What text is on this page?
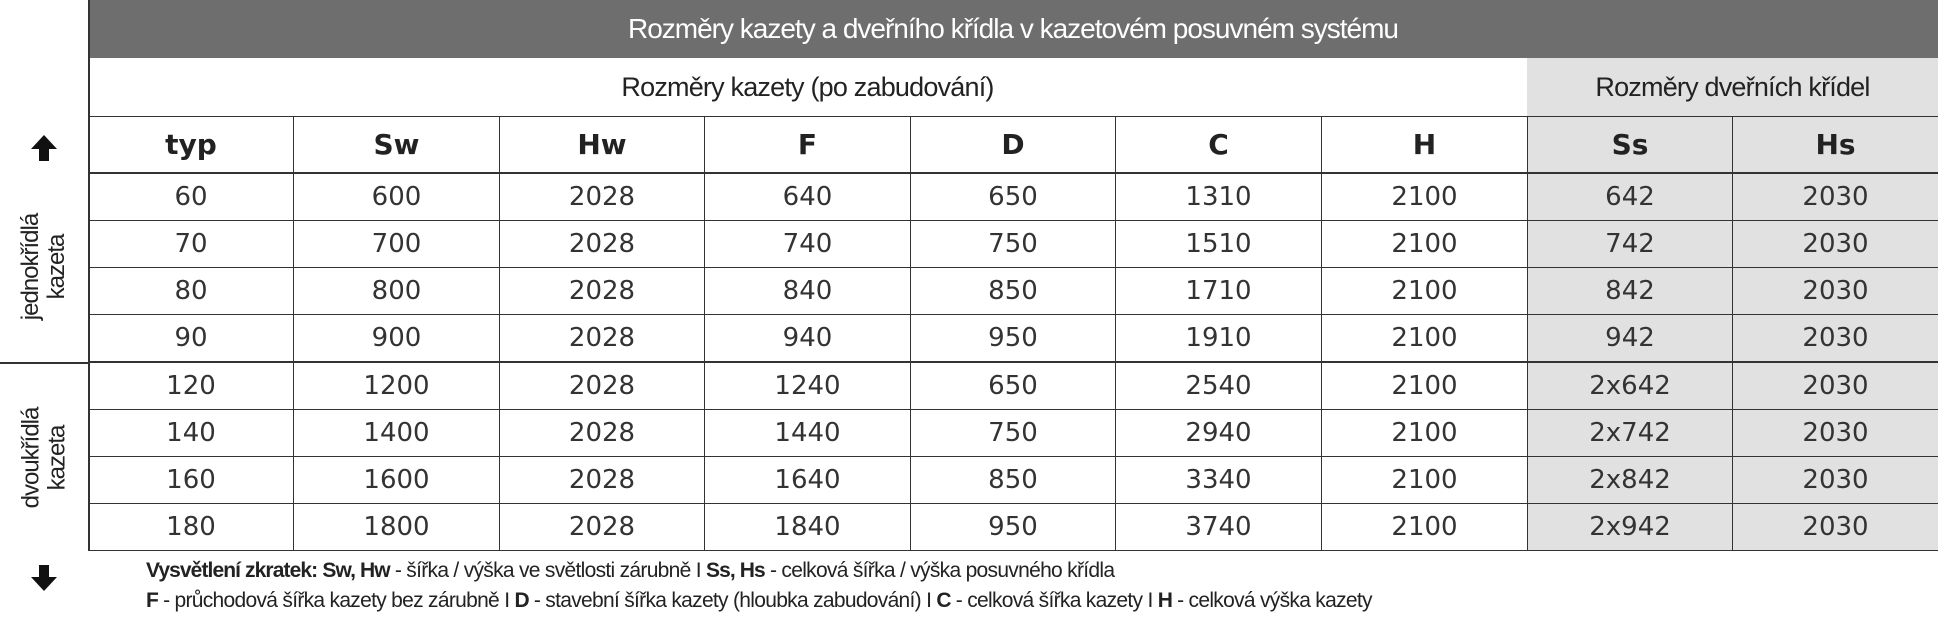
Rozměry kazety a dveřního křídla v kazetovém posuvném systému
Rozměry kazety (po zabudování)	Rozměry dveřních křídel
jednokřídlá kazeta
dvoukřídlá kazeta
typ	Sw	Hw	F	D	C	H	Ss	Hs
60	600	2028	640	650	1310	2100	642	2030
70	700	2028	740	750	1510	2100	742	2030
80	800	2028	840	850	1710	2100	842	2030
90	900	2028	940	950	1910	2100	942	2030
120	1200	2028	1240	650	2540	2100	2x642	2030
140	1400	2028	1440	750	2940	2100	2x742	2030
160	1600	2028	1640	850	3340	2100	2x842	2030
180	1800	2028	1840	950	3740	2100	2x942	2030
Vysvětlení zkratek: Sw, Hw - šířka / výška ve světlosti zárubně I Ss, Hs - celková šířka / výška posuvného křídla
F - průchodová šířka kazety bez zárubně I D - stavební šířka kazety (hloubka zabudování) I C - celková šířka kazety I H - celková výška kazety
